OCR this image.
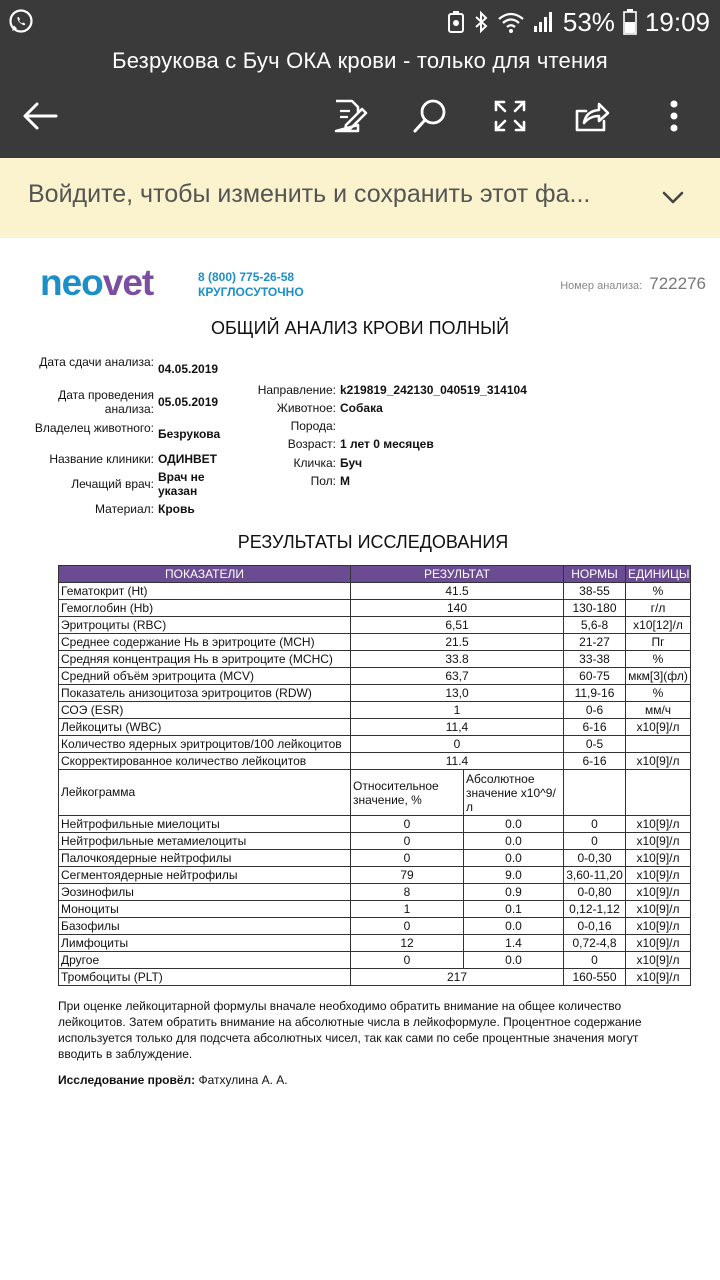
53% 19:09
Безрукова с Буч ОКА крови - только для чтения
Войдите, чтобы изменить и сохранить этот фа...
neovet	8 (800) 775-26-58
КРУГЛОСУТОЧНО	Номер анализа: 722276
ОБЩИЙ АНАЛИЗ КРОВИ ПОЛНЫЙ
Дата сдачи анализа: 04.05.2019
Дата проведения анализа: 05.05.2019
Владелец животного: Безрукова
Название клиники: ОДИНВЕТ
Лечащий врач: Врач не указан
Материал: Кровь
Направление: k219819_242130_040519_314104
Животное: Собака
Порода:
Возраст: 1 лет 0 месяцев
Кличка: Буч
Пол: М
РЕЗУЛЬТАТЫ ИССЛЕДОВАНИЯ
ПОКАЗАТЕЛИ	РЕЗУЛЬТАТ		НОРМЫ	ЕДИНИЦЫ
Гематокрит (Ht)	41.5		38-55	%
Гемоглобин (Hb)	140		130-180	г/л
Эритроциты (RBC)	6,51		5,6-8	x10[12]/л
Среднее содержание Нь в эритроците (MCH)	21.5		21-27	Пг
Средняя концентрация Нь в эритроците (MCHC)	33.8		33-38	%
Средний объём эритроцита (MCV)	63,7		60-75	мкм[3](фл)
Показатель анизоцитоза эритроцитов (RDW)	13,0		11,9-16	%
СОЭ (ESR)	1		0-6	мм/ч
Лейкоциты (WBC)	11,4		6-16	x10[9]/л
Количество ядерных эритроцитов/100 лейкоцитов	0		0-5	
Скорректированное количество лейкоцитов	11.4		6-16	x10[9]/л
Лейкограмма	Относительное значение, %	Абсолютное значение x10^9/л		
Нейтрофильные миелоциты	0	0.0	0	x10[9]/л
Нейтрофильные метамиелоциты	0	0.0	0	x10[9]/л
Палочкоядерные нейтрофилы	0	0.0	0-0,30	x10[9]/л
Сегментоядерные нейтрофилы	79	9.0	3,60-11,20	x10[9]/л
Эозинофилы	8	0.9	0-0,80	x10[9]/л
Моноциты	1	0.1	0,12-1,12	x10[9]/л
Базофилы	0	0.0	0-0,16	x10[9]/л
Лимфоциты	12	1.4	0,72-4,8	x10[9]/л
Другое	0	0.0	0	x10[9]/л
Тромбоциты (PLT)	217		160-550	x10[9]/л
При оценке лейкоцитарной формулы вначале необходимо обратить внимание на общее количество лейкоцитов. Затем обратить внимание на абсолютные числа в лейкоформуле. Процентное содержание используется только для подсчета абсолютных чисел, так как сами по себе процентные значения могут вводить в заблуждение.
Исследование провёл: Фатхулина А. А.
